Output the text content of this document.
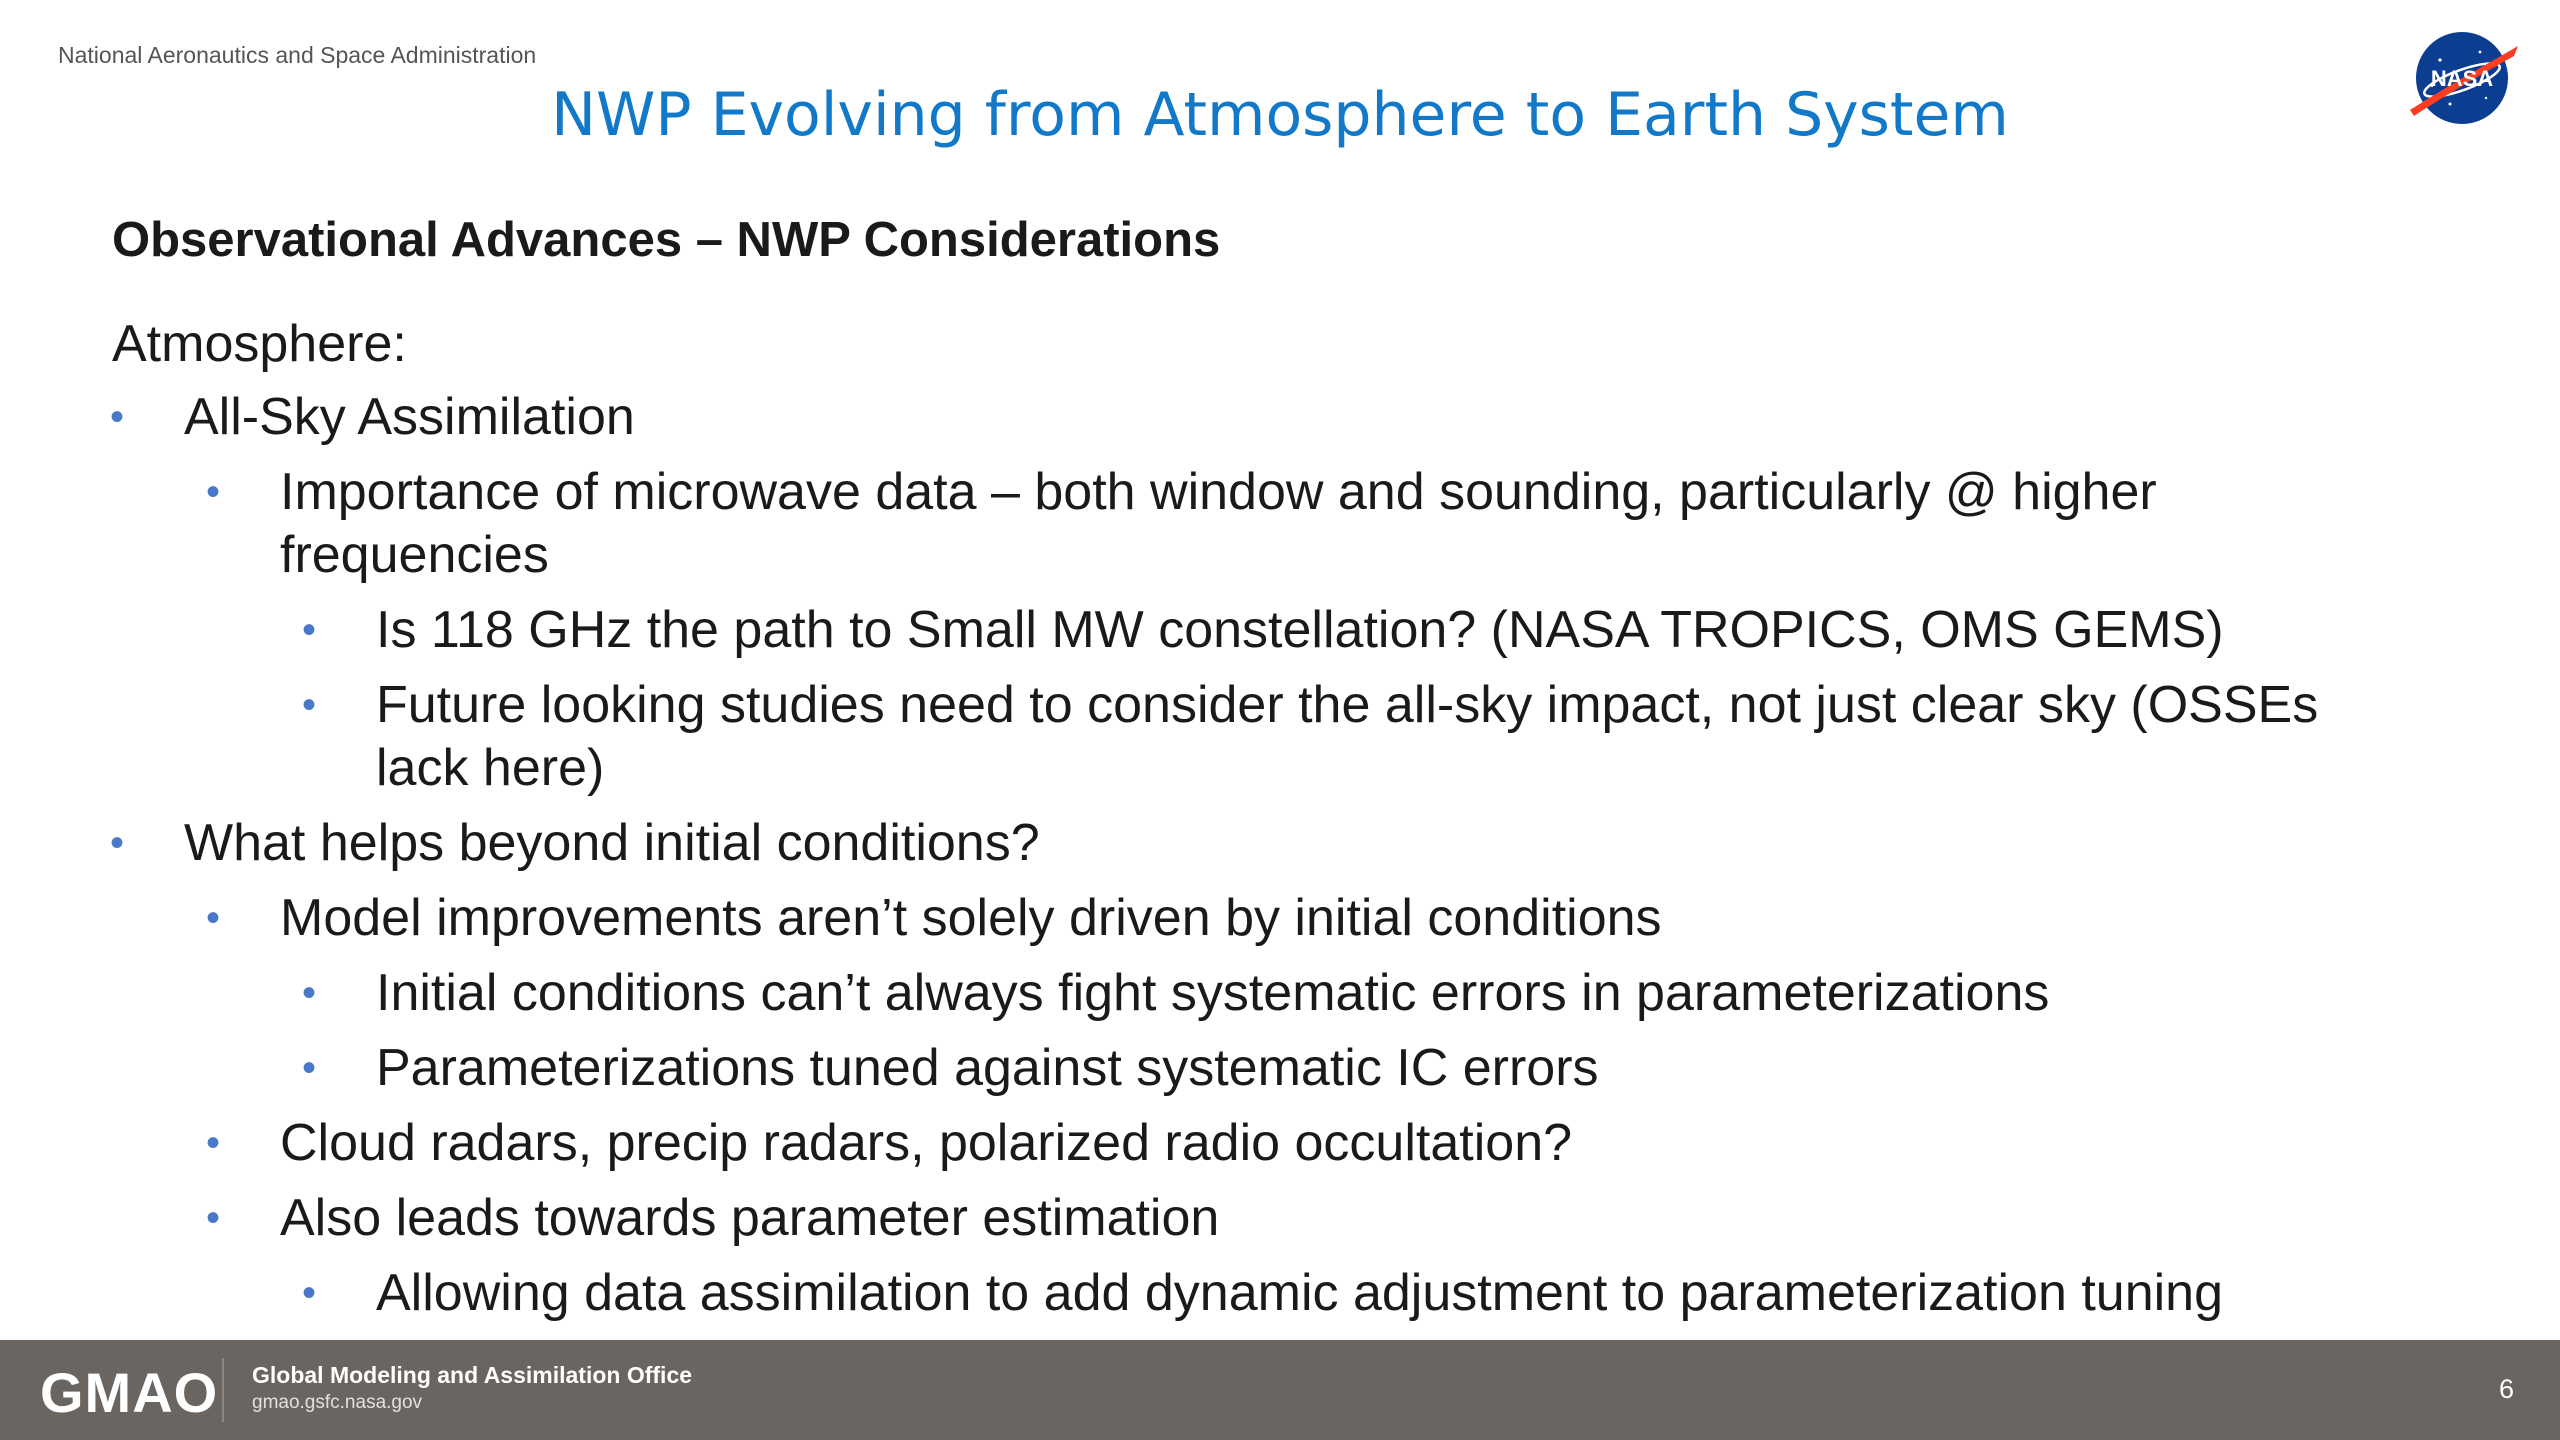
National Aeronautics and Space Administration
NASA
NWP Evolving from Atmosphere to Earth System
Observational Advances – NWP Considerations
Atmosphere:
• All-Sky Assimilation
• Importance of microwave data – both window and sounding, particularly @ higher frequencies
• Is 118 GHz the path to Small MW constellation? (NASA TROPICS, OMS GEMS)
• Future looking studies need to consider the all-sky impact, not just clear sky (OSSEs lack here)
• What helps beyond initial conditions?
• Model improvements aren’t solely driven by initial conditions
• Initial conditions can’t always fight systematic errors in parameterizations
• Parameterizations tuned against systematic IC errors
• Cloud radars, precip radars, polarized radio occultation?
• Also leads towards parameter estimation
• Allowing data assimilation to add dynamic adjustment to parameterization tuning
GMAO Global Modeling and Assimilation Office
gmao.gsfc.nasa.gov	6
